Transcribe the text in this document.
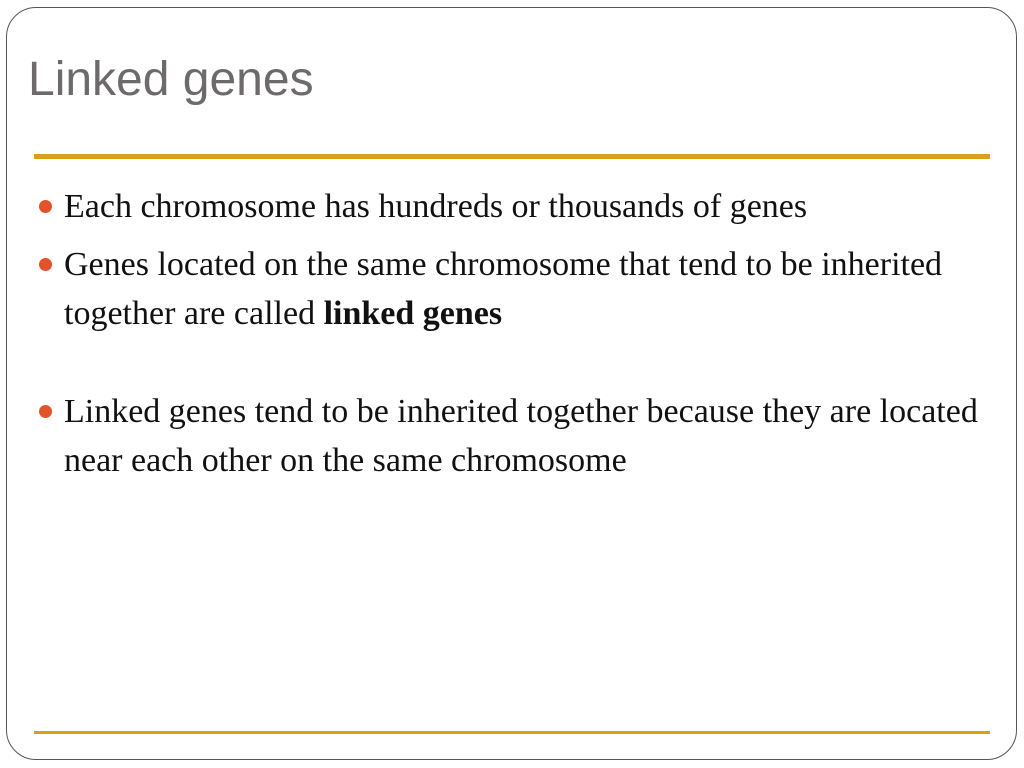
Linked genes

Each chromosome has hundreds or thousands of genes

Genes located on the same chromosome that tend to be inherited together are called linked genes

Linked genes tend to be inherited together because they are located near each other on the same chromosome
